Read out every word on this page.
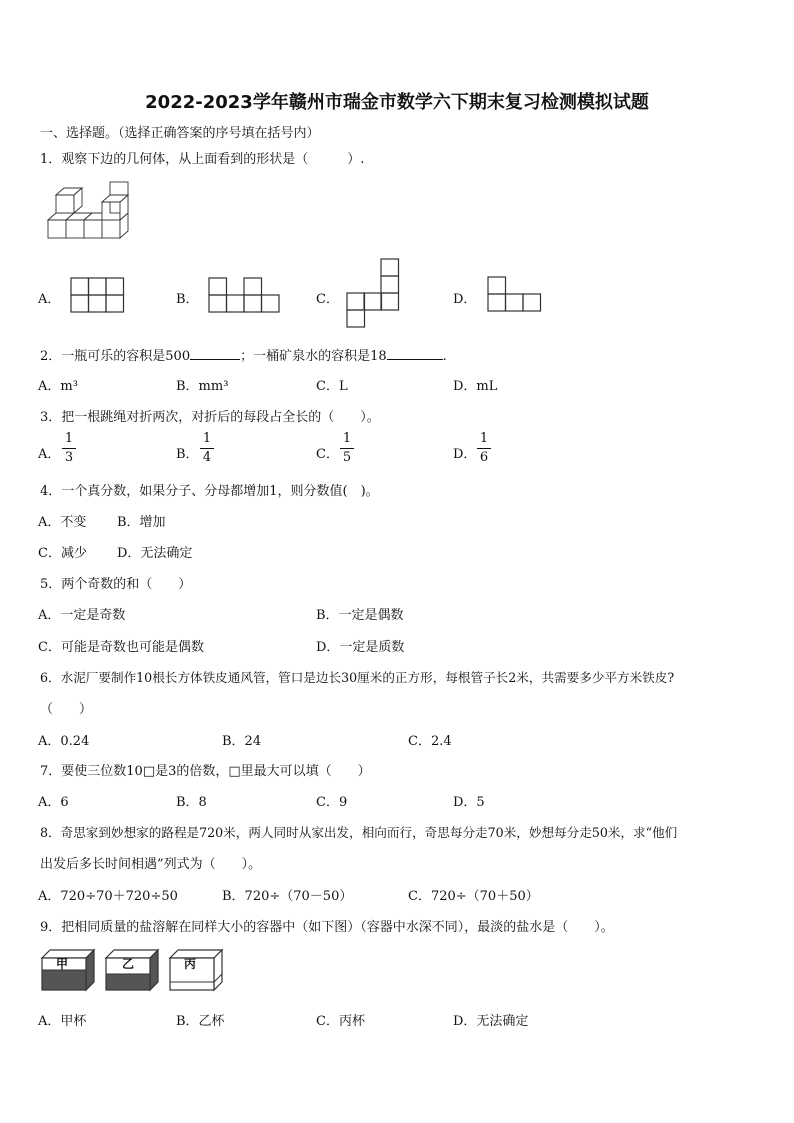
2022-2023学年赣州市瑞金市数学六下期末复习检测模拟试题
一、选择题。（选择正确答案的序号填在括号内）
1．观察下边的几何体，从上面看到的形状是（　　　）.
A．	B．	C．	D．
2．一瓶可乐的容积是500	；一桶矿泉水的容积是18	.
A．m³	B．mm³	C．L	D．mL
3．把一根跳绳对折两次，对折后的每段占全长的（　　）。
A．
1
3	B．
1
4	C．
1
5	D．
1
6
4．一个真分数，如果分子、分母都增加1，则分数值(　)。
A．不变 B．增加
C．减少 D．无法确定
5．两个奇数的和（　　）
A．一定是奇数	B．一定是偶数
C．可能是奇数也可能是偶数	D．一定是质数
6．水泥厂要制作10根长方体铁皮通风管，管口是边长30厘米的正方形，每根管子长2米，共需要多少平方米铁皮?
（　　）
A．0.24	B．24	C．2.4
7．要使三位数10□是3的倍数，□里最大可以填（　　）
A．6	B．8	C．9	D．5
8．奇思家到妙想家的路程是720米，两人同时从家出发，相向而行，奇思每分走70米，妙想每分走50米，求“他们
出发后多长时间相遇”列式为（　　）。
A．720÷70＋720÷50	B．720÷（70－50）	C．720÷（70＋50）
9．把相同质量的盐溶解在同样大小的容器中（如下图）（容器中水深不同），最淡的盐水是（　　）。
甲	乙	丙
A．甲杯	B．乙杯	C．丙杯	D．无法确定
